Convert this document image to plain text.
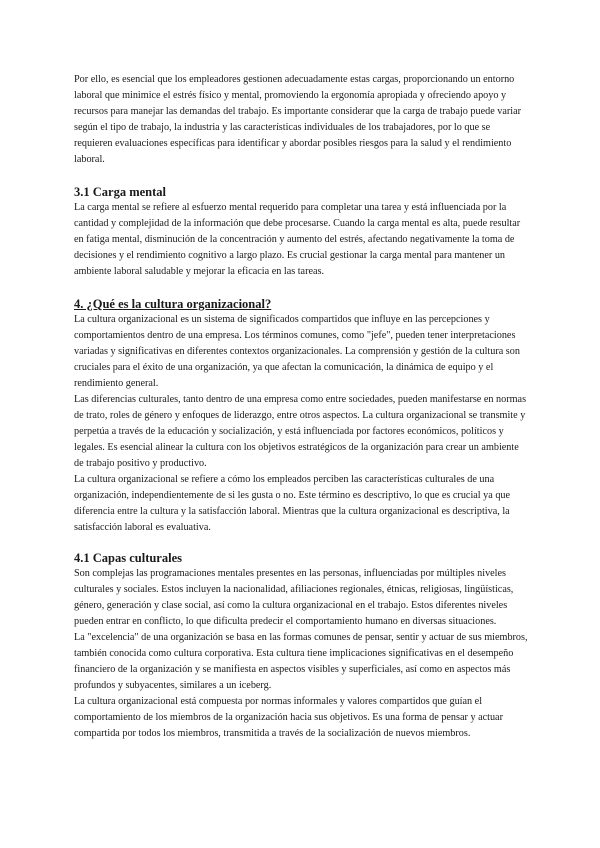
Por ello, es esencial que los empleadores gestionen adecuadamente estas cargas, proporcionando un entorno laboral que minimice el estrés físico y mental, promoviendo la ergonomía apropiada y ofreciendo apoyo y recursos para manejar las demandas del trabajo. Es importante considerar que la carga de trabajo puede variar según el tipo de trabajo, la industria y las características individuales de los trabajadores, por lo que se requieren evaluaciones específicas para identificar y abordar posibles riesgos para la salud y el rendimiento laboral.

3.1 Carga mental

La carga mental se refiere al esfuerzo mental requerido para completar una tarea y está influenciada por la cantidad y complejidad de la información que debe procesarse. Cuando la carga mental es alta, puede resultar en fatiga mental, disminución de la concentración y aumento del estrés, afectando negativamente la toma de decisiones y el rendimiento cognitivo a largo plazo. Es crucial gestionar la carga mental para mantener un ambiente laboral saludable y mejorar la eficacia en las tareas.

4. ¿Qué es la cultura organizacional?

La cultura organizacional es un sistema de significados compartidos que influye en las percepciones y comportamientos dentro de una empresa. Los términos comunes, como "jefe", pueden tener interpretaciones variadas y significativas en diferentes contextos organizacionales. La comprensión y gestión de la cultura son cruciales para el éxito de una organización, ya que afectan la comunicación, la dinámica de equipo y el rendimiento general.

Las diferencias culturales, tanto dentro de una empresa como entre sociedades, pueden manifestarse en normas de trato, roles de género y enfoques de liderazgo, entre otros aspectos. La cultura organizacional se transmite y perpetúa a través de la educación y socialización, y está influenciada por factores económicos, políticos y legales. Es esencial alinear la cultura con los objetivos estratégicos de la organización para crear un ambiente de trabajo positivo y productivo.

La cultura organizacional se refiere a cómo los empleados perciben las características culturales de una organización, independientemente de si les gusta o no. Este término es descriptivo, lo que es crucial ya que diferencia entre la cultura y la satisfacción laboral. Mientras que la cultura organizacional es descriptiva, la satisfacción laboral es evaluativa.

4.1 Capas culturales

Son complejas las programaciones mentales presentes en las personas, influenciadas por múltiples niveles culturales y sociales. Estos incluyen la nacionalidad, afiliaciones regionales, étnicas, religiosas, lingüísticas, género, generación y clase social, así como la cultura organizacional en el trabajo. Estos diferentes niveles pueden entrar en conflicto, lo que dificulta predecir el comportamiento humano en diversas situaciones.

La "excelencia" de una organización se basa en las formas comunes de pensar, sentir y actuar de sus miembros, también conocida como cultura corporativa. Esta cultura tiene implicaciones significativas en el desempeño financiero de la organización y se manifiesta en aspectos visibles y superficiales, así como en aspectos más profundos y subyacentes, similares a un iceberg.

La cultura organizacional está compuesta por normas informales y valores compartidos que guían el comportamiento de los miembros de la organización hacia sus objetivos. Es una forma de pensar y actuar compartida por todos los miembros, transmitida a través de la socialización de nuevos miembros.
